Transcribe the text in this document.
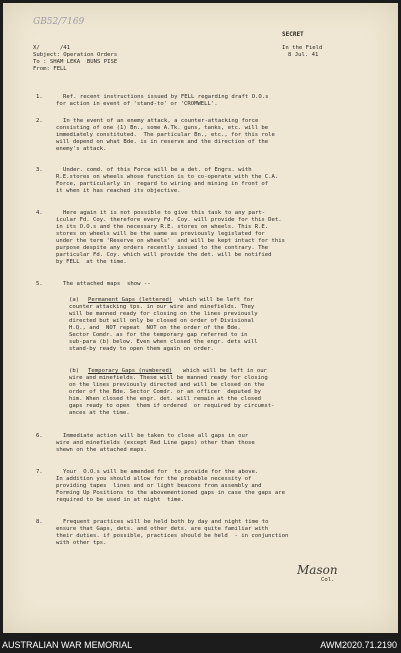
GB52/7169
SECRET
X/      /41	In the Field
8 Jul. 41
Subject: Operation Orders
To : SHAM LEKA  BUNS PISE
From: FELL
1.	Ref. recent instructions issued by FELL regarding draft O.O.s
for action in event of 'stand-to' or 'CROMWELL'.
2.	In the event of an enemy attack, a counter-attacking force
consisting of one (1) Bn., some A.Tk. guns, tanks, etc. will be
immediately constituted.  The particular Bn., etc., for this role
will depend on what Bde. is in reserve and the direction of the
enemy's attack.
3.	Under. comd. of this Force will be a det. of Engrs. with
R.E.stores on wheels whose function is to co-operate with the C.A.
Force, particularly in  regard to wiring and mining in front of
it when it has reached its objective.
4.	Here again it is not possible to give this task to any part-
icular Fd. Coy. therefore every Fd. Coy. will provide for this Det.
in its O.O.s and the necessary R.E. stores on wheels. This R.E.
stores on wheels will be the same as previously legislated for
under the term 'Reserve on wheels'  and will be kept intact for this
purpose despite any orders recently issued to the contrary. The
particular Fd. Coy. which will provide the det. will be notified
by FELL  at the time.
5.	The attached maps  show --
(a) Permanent Gaps (lettered) which will be left for
counter attacking tps. in our wire and minefields. They
will be manned ready for closing on the lines previously
directed but will only be closed on order of Divisional
H.Q., and  NOT repeat  NOT on the order of the Bde.
Sector Comdr. as for the temporary gap referred to in
sub-para (b) below. Even when closed the engr. dets will
stand-by ready to open them again on order.
(b) Temporary Gaps (numbered) which will be left in our
wire and minefields. These will be manned ready for closing
on the lines previously directed and will be closed on the
order of the Bde. Sector Comdr. or an officer  deputed by
him. When closed the engr. det. will remain at the closed
gaps ready to open  them if ordered  or required by circumst-
ances at the time.
6.	Immediate action will be taken to close all gaps in our
wire and minefields (except Red Line gaps) other than those
shewn on the attached maps.
7.	Your  O.O.s will be amended for  to provide for the above.
In addition you should allow for the probable necessity of
providing tapes  lines and or light beacons from assembly and
Forming Up Positions to the abovementioned gaps in case the gaps are
required to be used in at night  time.
8.	Frequent practices will be held both by day and night time to
ensure that Gaps, dets. and other dets. are quite familiar with
their duties. if possible, practices should be held  - in conjunction
with other tps.
Mason
Col.
AUSTRALIAN WAR MEMORIAL	AWM2020.71.2190
